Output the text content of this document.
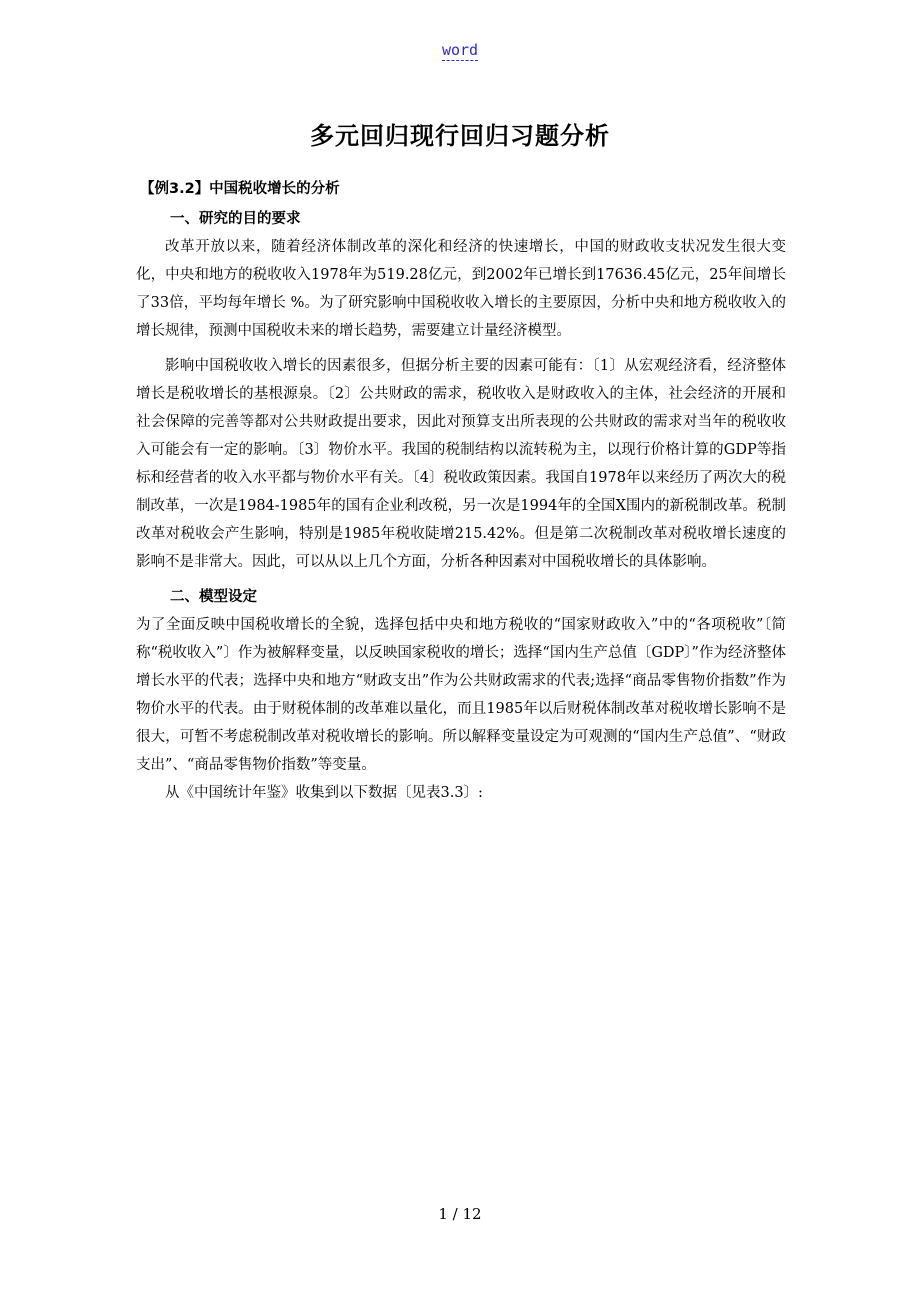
word
多元回归现行回归习题分析

【例3.2】中国税收增长的分析

一、研究的目的要求

改革开放以来，随着经济体制改革的深化和经济的快速增长，中国的财政收支状况发生很大变化，中央和地方的税收收入1978年为519.28亿元，到2002年已增长到17636.45亿元，25年间增长了33倍，平均每年增长 %。为了研究影响中国税收收入增长的主要原因，分析中央和地方税收收入的增长规律，预测中国税收未来的增长趋势，需要建立计量经济模型。

影响中国税收收入增长的因素很多，但据分析主要的因素可能有：〔1〕从宏观经济看，经济整体增长是税收增长的基根源泉。〔2〕公共财政的需求，税收收入是财政收入的主体，社会经济的开展和社会保障的完善等都对公共财政提出要求，因此对预算支出所表现的公共财政的需求对当年的税收收入可能会有一定的影响。〔3〕物价水平。我国的税制结构以流转税为主，以现行价格计算的GDP等指标和经营者的收入水平都与物价水平有关。〔4〕税收政策因素。我国自1978年以来经历了两次大的税制改革，一次是1984-1985年的国有企业利改税，另一次是1994年的全国X围内的新税制改革。税制改革对税收会产生影响，特别是1985年税收陡增215.42%。但是第二次税制改革对税收增长速度的影响不是非常大。因此，可以从以上几个方面，分析各种因素对中国税收增长的具体影响。

二、模型设定

为了全面反映中国税收增长的全貌，选择包括中央和地方税收的“国家财政收入”中的“各项税收”〔简称“税收收入”〕作为被解释变量，以反映国家税收的增长；选择“国内生产总值〔GDP〕”作为经济整体增长水平的代表；选择中央和地方“财政支出”作为公共财政需求的代表;选择“商品零售物价指数”作为物价水平的代表。由于财税体制的改革难以量化，而且1985年以后财税体制改革对税收增长影响不是很大，可暂不考虑税制改革对税收增长的影响。所以解释变量设定为可观测的“国内生产总值”、“财政支出”、“商品零售物价指数”等变量。

从《中国统计年鉴》收集到以下数据〔见表3.3〕:

1 / 12
